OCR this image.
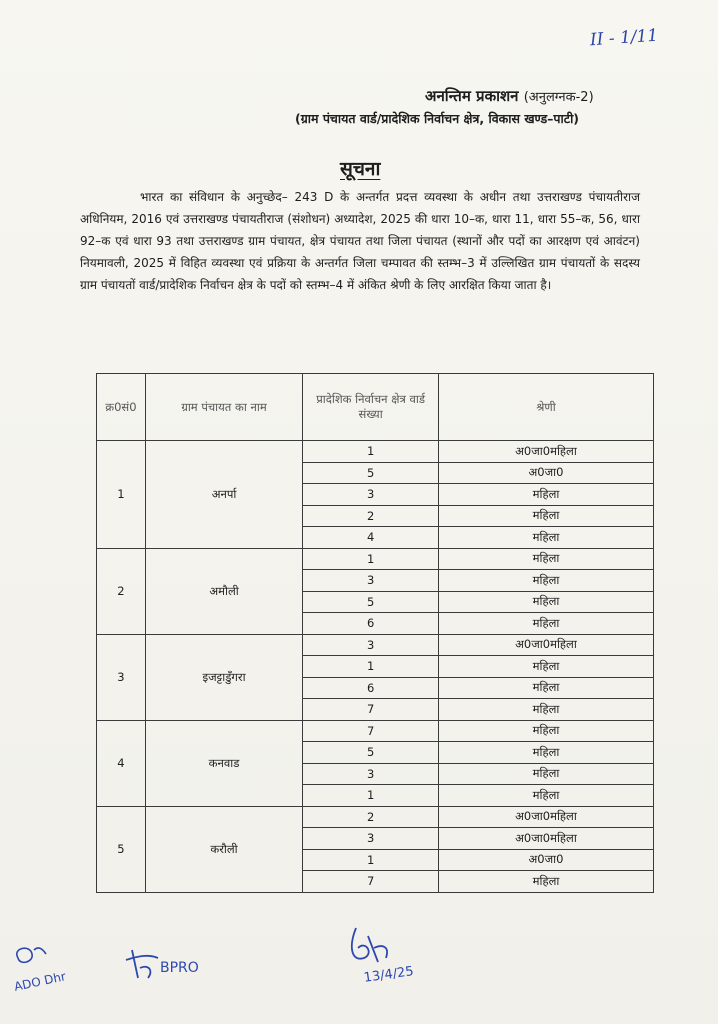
II - 1/11
अनन्तिम प्रकाशन (अनुलग्नक-2)
(ग्राम पंचायत वार्ड/प्रादेशिक निर्वाचन क्षेत्र, विकास खण्ड–पाटी)
सूचना
भारत का संविधान के अनुच्छेद– 243 D के अन्तर्गत प्रदत्त व्यवस्था के अधीन तथा उत्तराखण्ड पंचायतीराज अधिनियम, 2016 एवं उत्तराखण्ड पंचायतीराज (संशोधन) अध्यादेश, 2025 की धारा 10–क, धारा 11, धारा 55–क, 56, धारा 92–क एवं धारा 93 तथा उत्तराखण्ड ग्राम पंचायत, क्षेत्र पंचायत तथा जिला पंचायत (स्थानों और पदों का आरक्षण एवं आवंटन) नियमावली, 2025 में विहित व्यवस्था एवं प्रक्रिया के अन्तर्गत जिला चम्पावत की स्तम्भ–3 में उल्लिखित ग्राम पंचायतों के सदस्य ग्राम पंचायतों वार्ड/प्रादेशिक निर्वाचन क्षेत्र के पदों को स्तम्भ–4 में अंकित श्रेणी के लिए आरक्षित किया जाता है।
क्र0सं0	ग्राम पंचायत का नाम	प्रादेशिक निर्वाचन क्षेत्र वार्ड संख्या	श्रेणी
1	अनर्पा	1	अ0जा0महिला
		5	अ0जा0
		3	महिला
		2	महिला
		4	महिला
2	अमौली	1	महिला
		3	महिला
		5	महिला
		6	महिला
3	इजट्टाडुँगरा	3	अ0जा0महिला
		1	महिला
		6	महिला
		7	महिला
4	कनवाड	7	महिला
		5	महिला
		3	महिला
		1	महिला
5	करौली	2	अ0जा0महिला
		3	अ0जा0महिला
		1	अ0जा0
		7	महिला
ADO Dhr
BPRO	13/4/25
